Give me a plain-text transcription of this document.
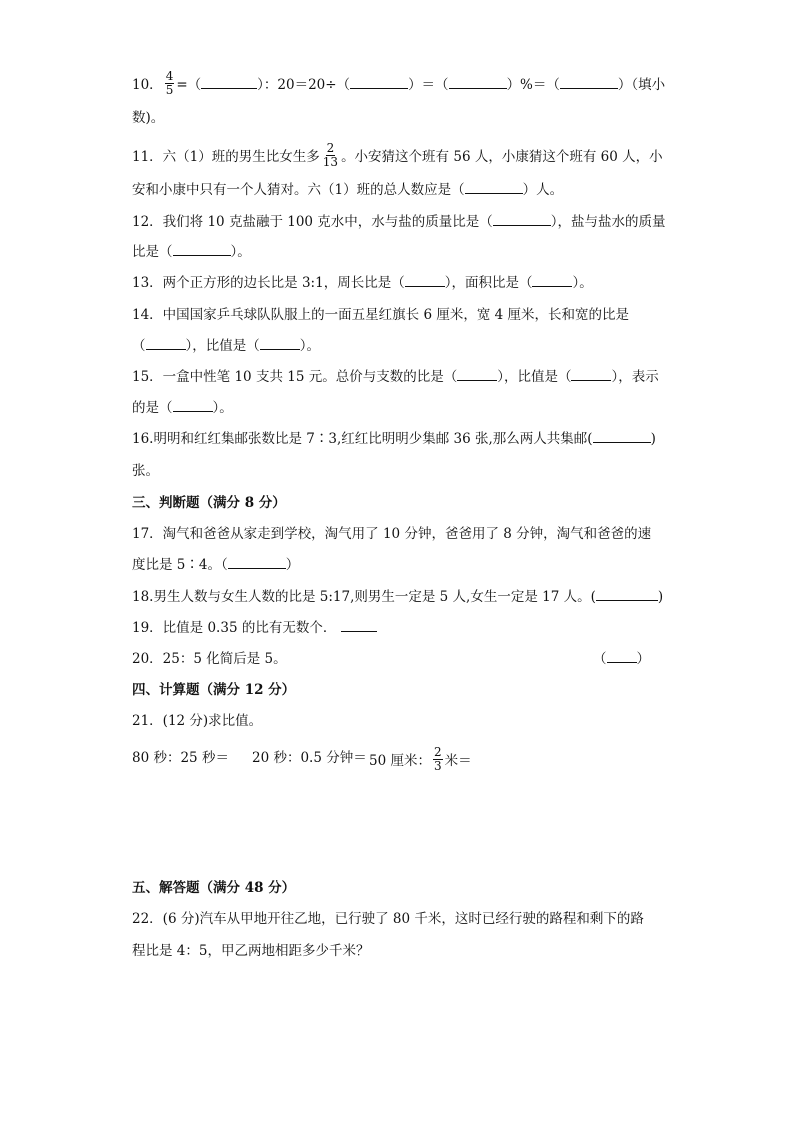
10． $\frac{4}{5}$ =（	）：20＝20÷（	）＝（	）%＝（	）（填小
数)。
11．六（1）班的男生比女生多 $\frac{2}{13}$ 。小安猜这个班有 56 人，小康猜这个班有 60 人，小
安和小康中只有一个人猜对。六（1）班的总人数应是（	）人。
12．我们将 10 克盐融于 100 克水中，水与盐的质量比是（	），盐与盐水的质量
比是（	）。
13．两个正方形的边长比是 3:1，周长比是（	），面积比是（	）。
14．中国国家乒乓球队队服上的一面五星红旗长 6 厘米，宽 4 厘米，长和宽的比是
（	），比值是（	）。
15．一盒中性笔 10 支共 15 元。总价与支数的比是（	），比值是（	），表示
的是（	）。
16.明明和红红集邮张数比是 7∶3,红红比明明少集邮 36 张,那么两人共集邮(	)
张。
三、判断题（满分 8 分）
17．淘气和爸爸从家走到学校，淘气用了 10 分钟，爸爸用了 8 分钟，淘气和爸爸的速
度比是 5∶4。（	）
18.男生人数与女生人数的比是 5:17,则男生一定是 5 人,女生一定是 17 人。(	)
19．比值是 0.35 的比有无数个．
20．25：5 化简后是 5。	（ ）
四、计算题（满分 12 分）
21．(12 分)求比值。
80 秒：25 秒＝ 20 秒：0.5 分钟＝ 50 厘米： $\frac{2}{3}$ 米＝
五、解答题（满分 48 分）
22．(6 分)汽车从甲地开往乙地，已行驶了 80 千米，这时已经行驶的路程和剩下的路
程比是 4：5，甲乙两地相距多少千米？
